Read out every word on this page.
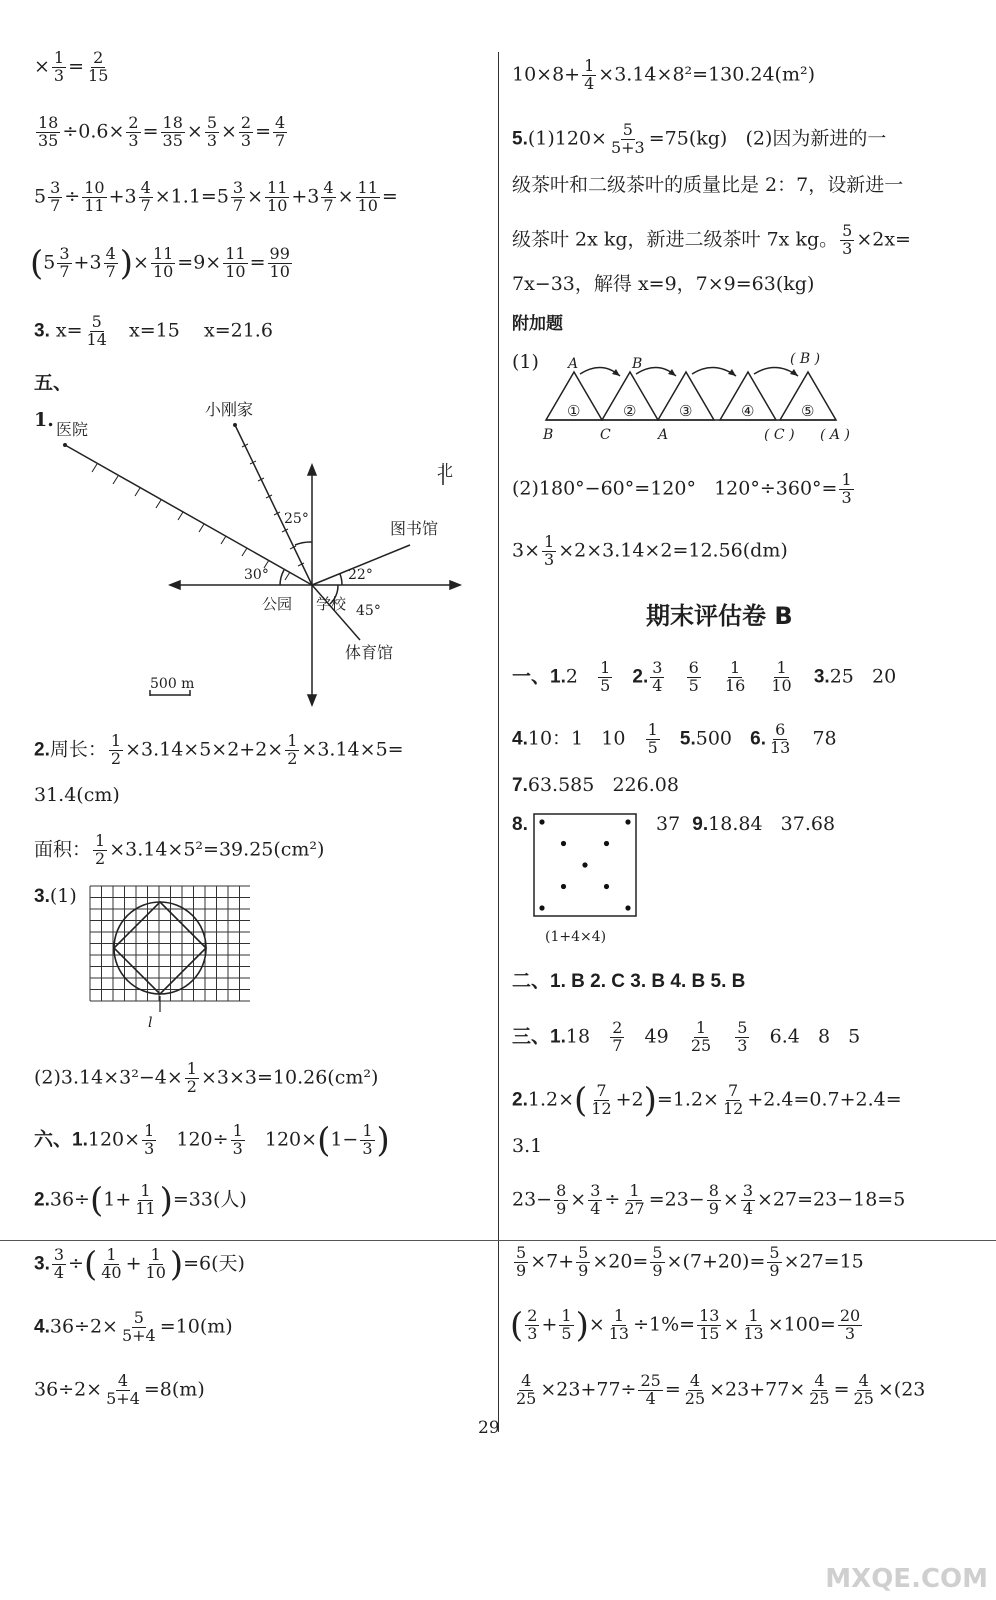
× $\frac{1}{3} = \frac{2}{15}$
$\frac{18}{35} \div 0.6\times \frac{2}{3} = \frac{18}{35} \times \frac{5}{3} \times \frac{2}{3} = \frac{4}{7}$
$5 \frac{3}{7} \div \frac{10}{11} +3 \frac{4}{7} \times 1.1=5 \frac{3}{7} \times \frac{11}{10} +3 \frac{4}{7} \times \frac{11}{10}$ =
($5 \frac{3}{7} +3 \frac{4}{7}$ )× $\frac{11}{10} =9\times \frac{11}{10} = \frac{99}{10}$
3. $x= \frac{5}{14} x=15$    x=21.6
五、
1. 医院
小刚家
北
图书馆
公园 学校
体育馆
25°
30°	22°
45°
500 m
2.周长： $\frac{1}{2} \times 3.14\times 5\times 2+2\times \frac{1}{2} \times 3.14\times 5=$
31.4(cm)
面积： $\frac{1}{2} \times 3.14\times 5^2=39.25(cm^2)$
3.(1)
l
$(2)3.14\times 3^2-4\times \frac{1}{2} \times 3\times 3=10.26(cm^2)$
六、$1.120\times \frac{1}{3} 120\div \frac{1}{3} 120\times(1- \frac{1}{3}$ )
$2.36\div(1+ \frac{1}{11} )=33$(人)
3. $\frac{3}{4}$ ÷( $\frac{1}{40} + \frac{1}{10} )=6$(天)
$4.36\div 2\times \frac{5}{5+4} =10(m)$
$36\div 2\times \frac{4}{5+4} =8(m)$
29
$10\times 8+ \frac{1}{4} \times 3.14\times 8^2=130.24(m^2)$
$5.(1)120\times \frac{5}{5+3} =75(kg)$ (2)因为新进的一
级茶叶和二级茶叶的质量比是 2：7，设新进一
级茶叶 2x kg，新进二级茶叶 7x kg。 $\frac{5}{3} \times 2x=$
7x−33，解得 x=9，7×9=63(kg)
附加题
(1) A	B	( B )
B	C	A	( C ) ( A )
①	②	③	④	⑤
(2)180°−60°=120° $120^\circ\div 360^\circ= \frac{1}{3}$
$3\times \frac{1}{3} \times 2\times 3.14\times 2=12.56(dm)$
期末评估卷 B
一、$1.2 \frac{1}{5} 2$. $\frac{3}{4}$
$\frac{6}{5}$
$\frac{1}{16}$
$\frac{1}{10} 3.25$ 20
4.10：1 $10 \frac{1}{5} 5.500$ 6. $\frac{6}{13} 78$
7.63.585 226.08
8.
(1+4×4)
37 9.18.84 37.68
二、1. B 2. C 3. B 4. B 5. B
三、$1.18 \frac{2}{7} 49 \frac{1}{25}$
$\frac{5}{3} 6.4$ 8 5
$2.1.2\times( \frac{7}{12} +2)=1.2\times \frac{7}{12} +2.4=0.7+2.4=$
3.1
$23- \frac{8}{9} \times \frac{3}{4} \div \frac{1}{27} =23- \frac{8}{9} \times \frac{3}{4} \times 27=23-18=5$
$\frac{5}{9} \times 7+ \frac{5}{9} \times 20= \frac{5}{9} \times(7+20)= \frac{5}{9} \times 27=15$
( $\frac{2}{3} + \frac{1}{5}$ )× $\frac{1}{13} \div 1\%= \frac{13}{15} \times \frac{1}{13} \times 100= \frac{20}{3}$
$\frac{4}{25} \times 23+77\div \frac{25}{4} = \frac{4}{25} \times 23+77\times \frac{4}{25} = \frac{4}{25} \times(23$
MXQE.COM
